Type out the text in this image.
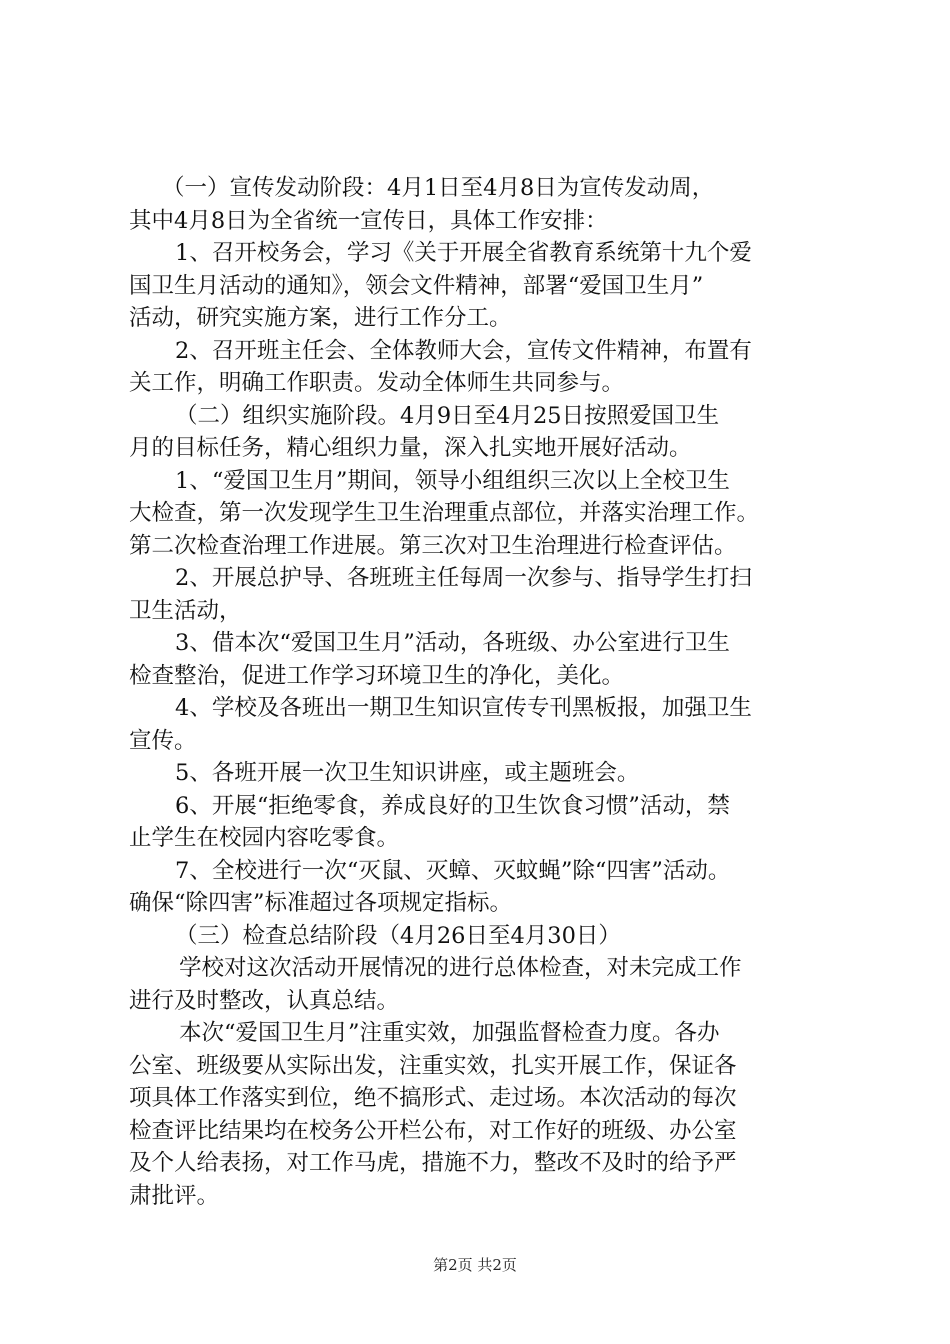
（一）宣传发动阶段：4月1日至4月8日为宣传发动周，
其中4月8日为全省统一宣传日，具体工作安排：
1、召开校务会，学习《关于开展全省教育系统第十九个爱
国卫生月活动的通知》，领会文件精神，部署“爱国卫生月”
活动，研究实施方案，进行工作分工。
2、召开班主任会、全体教师大会，宣传文件精神，布置有
关工作，明确工作职责。发动全体师生共同参与。
（二）组织实施阶段。4月9日至4月25日按照爱国卫生
月的目标任务，精心组织力量，深入扎实地开展好活动。
1、“爱国卫生月”期间，领导小组组织三次以上全校卫生
大检查，第一次发现学生卫生治理重点部位，并落实治理工作。
第二次检查治理工作进展。第三次对卫生治理进行检查评估。
2、开展总护导、各班班主任每周一次参与、指导学生打扫
卫生活动，
3、借本次“爱国卫生月”活动，各班级、办公室进行卫生
检查整治，促进工作学习环境卫生的净化，美化。
4、学校及各班出一期卫生知识宣传专刊黑板报，加强卫生
宣传。
5、各班开展一次卫生知识讲座，或主题班会。
6、开展“拒绝零食，养成良好的卫生饮食习惯”活动，禁
止学生在校园内容吃零食。
7、全校进行一次“灭鼠、灭蟑、灭蚊蝇”除“四害”活动。
确保“除四害”标准超过各项规定指标。
（三）检查总结阶段（4月26日至4月30日）
学校对这次活动开展情况的进行总体检查，对未完成工作
进行及时整改，认真总结。
本次“爱国卫生月”注重实效，加强监督检查力度。各办
公室、班级要从实际出发，注重实效，扎实开展工作，保证各
项具体工作落实到位，绝不搞形式、走过场。本次活动的每次
检查评比结果均在校务公开栏公布，对工作好的班级、办公室
及个人给表扬，对工作马虎，措施不力，整改不及时的给予严
肃批评。
第2页 共2页
